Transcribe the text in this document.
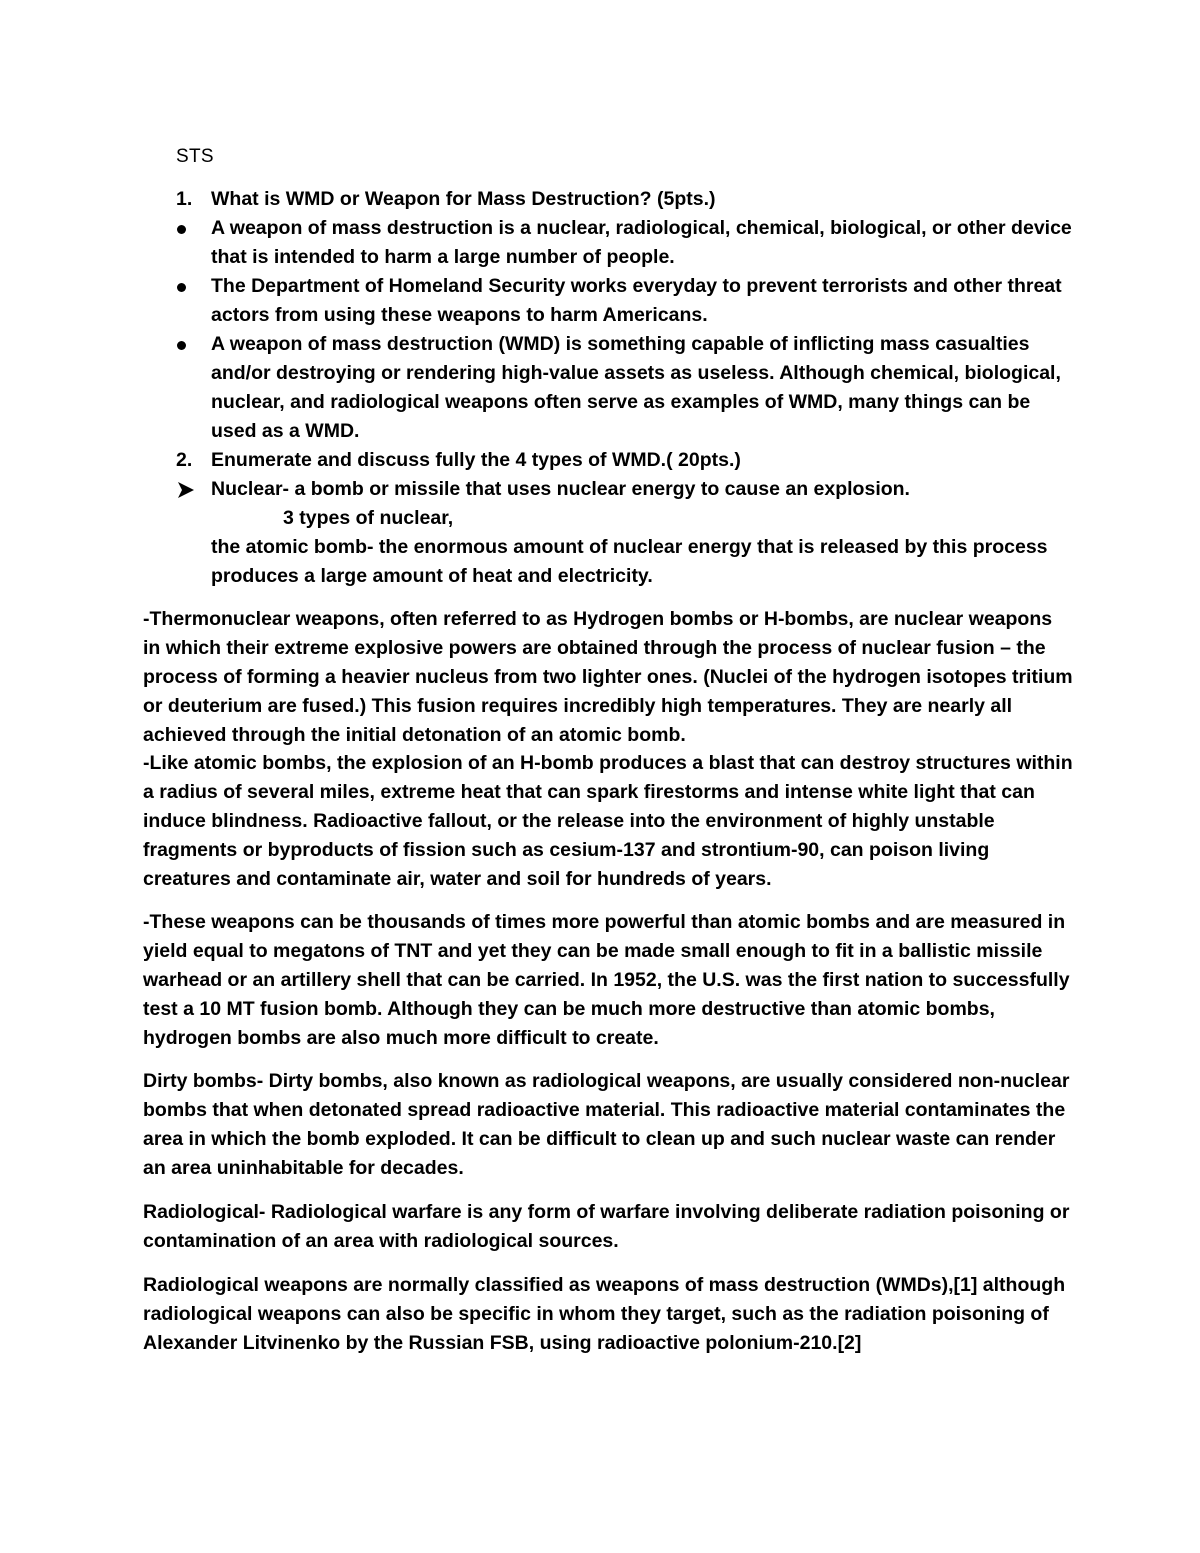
STS
1. What is WMD or Weapon for Mass Destruction? (5pts.)
A weapon of mass destruction is a nuclear, radiological, chemical, biological, or other device that is intended to harm a large number of people.
The Department of Homeland Security works everyday to prevent terrorists and other threat actors from using these weapons to harm Americans.
A weapon of mass destruction (WMD) is something capable of inflicting mass casualties and/or destroying or rendering high-value assets as useless. Although chemical, biological, nuclear, and radiological weapons often serve as examples of WMD, many things can be used as a WMD.
2. Enumerate and discuss fully the 4 types of WMD.( 20pts.)
Nuclear- a bomb or missile that uses nuclear energy to cause an explosion.
3 types of nuclear,
the atomic bomb- the enormous amount of nuclear energy that is released by this process produces a large amount of heat and electricity.
-Thermonuclear weapons, often referred to as Hydrogen bombs or H-bombs, are nuclear weapons in which their extreme explosive powers are obtained through the process of nuclear fusion – the process of forming a heavier nucleus from two lighter ones. (Nuclei of the hydrogen isotopes tritium or deuterium are fused.) This fusion requires incredibly high temperatures. They are nearly all achieved through the initial detonation of an atomic bomb.
-Like atomic bombs, the explosion of an H-bomb produces a blast that can destroy structures within a radius of several miles, extreme heat that can spark firestorms and intense white light that can induce blindness. Radioactive fallout, or the release into the environment of highly unstable fragments or byproducts of fission such as cesium-137 and strontium-90, can poison living creatures and contaminate air, water and soil for hundreds of years.
-These weapons can be thousands of times more powerful than atomic bombs and are measured in yield equal to megatons of TNT and yet they can be made small enough to fit in a ballistic missile warhead or an artillery shell that can be carried. In 1952, the U.S. was the first nation to successfully test a 10 MT fusion bomb. Although they can be much more destructive than atomic bombs, hydrogen bombs are also much more difficult to create.
Dirty bombs- Dirty bombs, also known as radiological weapons, are usually considered non-nuclear bombs that when detonated spread radioactive material. This radioactive material contaminates the area in which the bomb exploded. It can be difficult to clean up and such nuclear waste can render an area uninhabitable for decades.
Radiological- Radiological warfare is any form of warfare involving deliberate radiation poisoning or contamination of an area with radiological sources.
Radiological weapons are normally classified as weapons of mass destruction (WMDs),[1] although radiological weapons can also be specific in whom they target, such as the radiation poisoning of Alexander Litvinenko by the Russian FSB, using radioactive polonium-210.[2]
